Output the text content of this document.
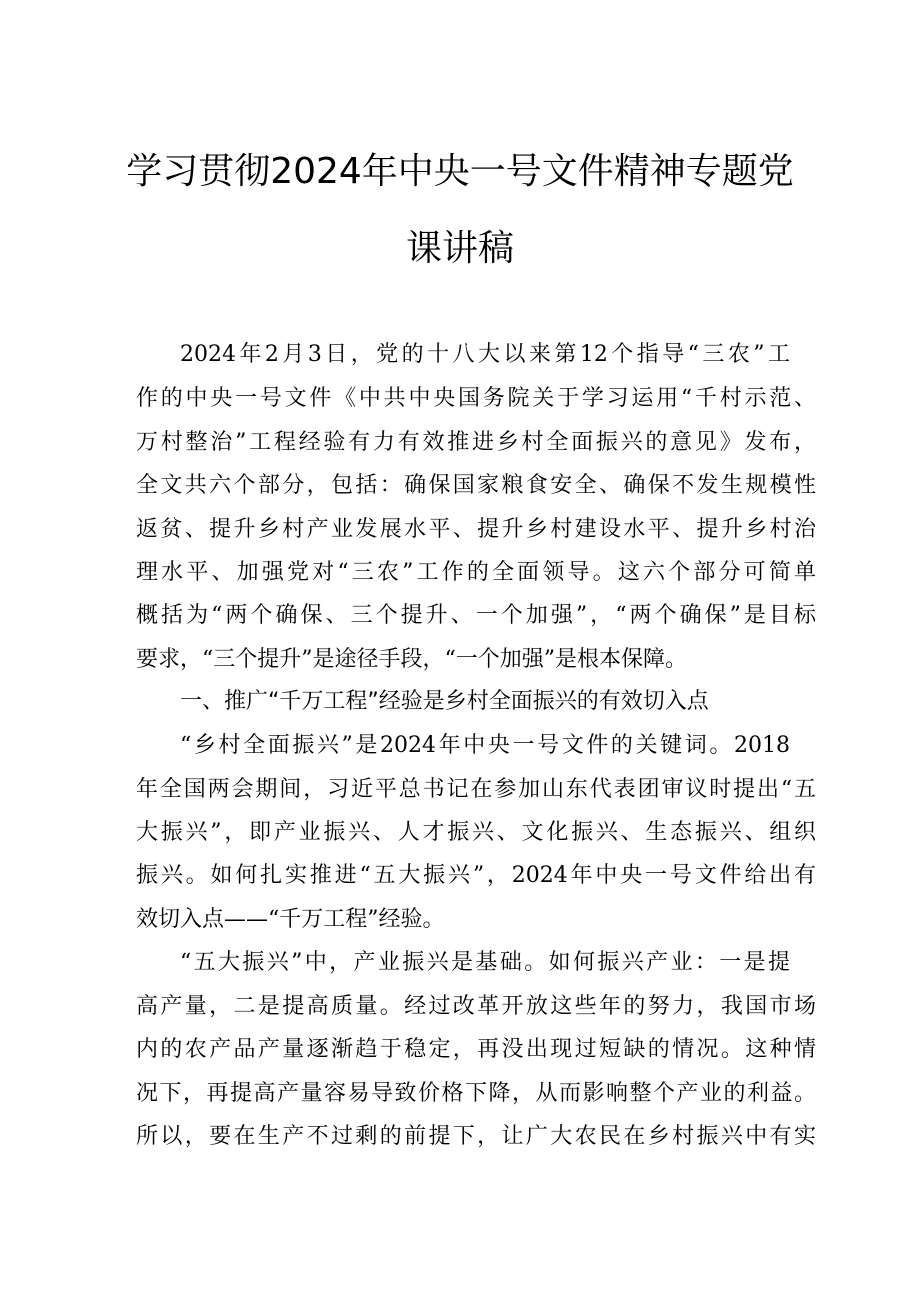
学习贯彻2024年中央一号文件精神专题党
课讲稿
2024年2月3日，党的十八大以来第12个指导“三农”工
作的中央一号文件《中共中央国务院关于学习运用“千村示范、
万村整治”工程经验有力有效推进乡村全面振兴的意见》发布，
全文共六个部分，包括：确保国家粮食安全、确保不发生规模性
返贫、提升乡村产业发展水平、提升乡村建设水平、提升乡村治
理水平、加强党对“三农”工作的全面领导。这六个部分可简单
概括为“两个确保、三个提升、一个加强”，“两个确保”是目标
要求，“三个提升”是途径手段，“一个加强”是根本保障。
一、推广“千万工程”经验是乡村全面振兴的有效切入点
“乡村全面振兴”是2024年中央一号文件的关键词。2018
年全国两会期间，习近平总书记在参加山东代表团审议时提出“五
大振兴”，即产业振兴、人才振兴、文化振兴、生态振兴、组织
振兴。如何扎实推进“五大振兴”，2024年中央一号文件给出有
效切入点——“千万工程”经验。
“五大振兴”中，产业振兴是基础。如何振兴产业：一是提
高产量，二是提高质量。经过改革开放这些年的努力，我国市场
内的农产品产量逐渐趋于稳定，再没出现过短缺的情况。这种情
况下，再提高产量容易导致价格下降，从而影响整个产业的利益。
所以，要在生产不过剩的前提下，让广大农民在乡村振兴中有实
